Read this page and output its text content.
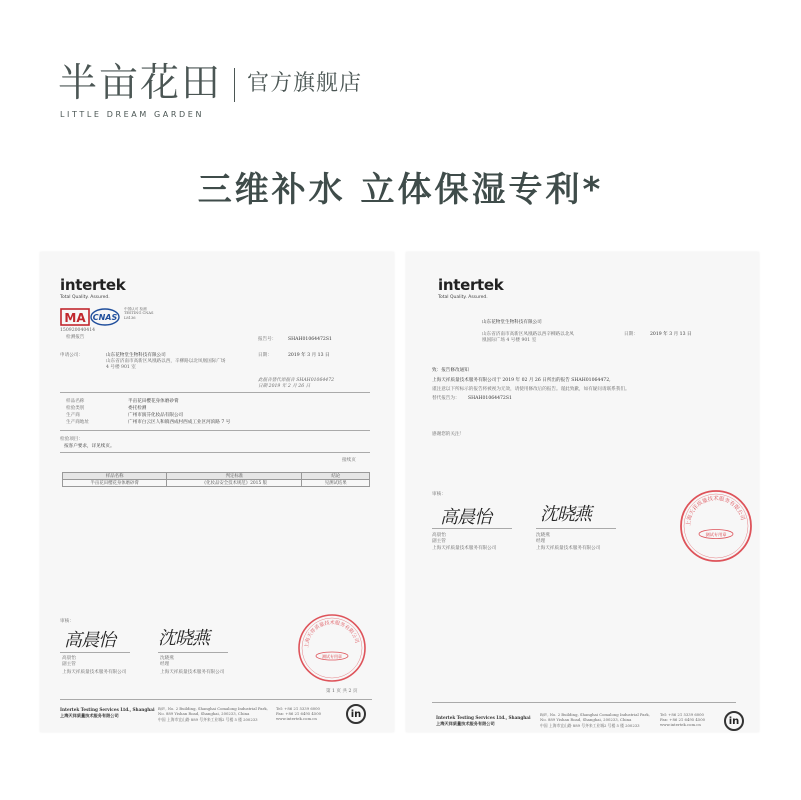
半亩花田 官方旗舰店
LITTLE DREAM GARDEN
三维补水 立体保湿专利*
intertek
Total Quality. Assured.
MA CNAS
中国认可 检测 TESTING CNAS L8136
150920040414
检测报告	报告号：	SHAH01064472S1
申请公司：	山东花物堂生物科技有限公司
山东省济南市高新区凤凰路以西，辛柳路以北凤凰国际广场
4 号楼 901 室
日期：	2019 年 3 月 13 日
此报告替代原报告 SHAH01064472
日期 2019 年 2 月 26 日
样品名称	半亩花田樱花身体磨砂膏
检验类别	委托检测
生产商	广州市演芬化妆品有限公司
生产商地址	广州市白云区人和镇西成村西成工业区河滨路 7 号
检验项目：
按客户要求，详见续页。
接续页
样品名称	判定标准	结论
半亩花田樱花身体磨砂膏	《化妆品安全技术规范》2015 版	见测试结果
审核：
高晨怡 沈晓燕
高晨怡
副主管
上海天祥质量技术服务有限公司
沈晓燕
经理
上海天祥质量技术服务有限公司
上海天祥质量技术服务有限公司
测试专用章
第 1 页 共 2 页
Intertek Testing Services Ltd., Shanghai
上海天祥质量技术服务有限公司
B/F., No. 2 Building, Shanghai Comalong Industrial Park, No. 889 Yishan Road, Shanghai, 200233, China
中国 上海市宜山路 889 号齐来工业城2 号楼 5 楼 200233
Tel: +86 21 5339 6000
Fax: +86 21 6495 4500
www.intertek.com.cn	in
intertek
Total Quality. Assured.
山东花物堂生物科技有限公司
山东省济南市高新区凤凰路以西辛柳路以北凤
凰国际广场 4 号楼 901 室
日期：	2019 年 3 月 13 日
致：报告修改通知
上海天祥质量技术服务有限公司于 2019 年 02 月 26 日所出的报告 SHAH01064472,
谨注意以下所标示的报告将被视为无效，请使用修改后的报告。谨此致歉，如有疑问请联系我们。
替代报告为： SHAH01064472S1
感谢您的关注！
审核：
高晨怡	沈晓燕
高晨怡
副主管
上海天祥质量技术服务有限公司
沈晓燕
经理
上海天祥质量技术服务有限公司
上海天祥质量技术服务有限公司
测试专用章
Intertek Testing Services Ltd., Shanghai
上海天祥质量技术服务有限公司
B/F., No. 2 Building, Shanghai Comalong Industrial Park, No. 889 Yishan Road, Shanghai, 200233, China
中国 上海市宜山路 889 号齐来工业城2 号楼 5 楼 200233
Tel: +86 21 5339 6000
Fax: +86 21 6495 4500
www.intertek.com.cn	in
